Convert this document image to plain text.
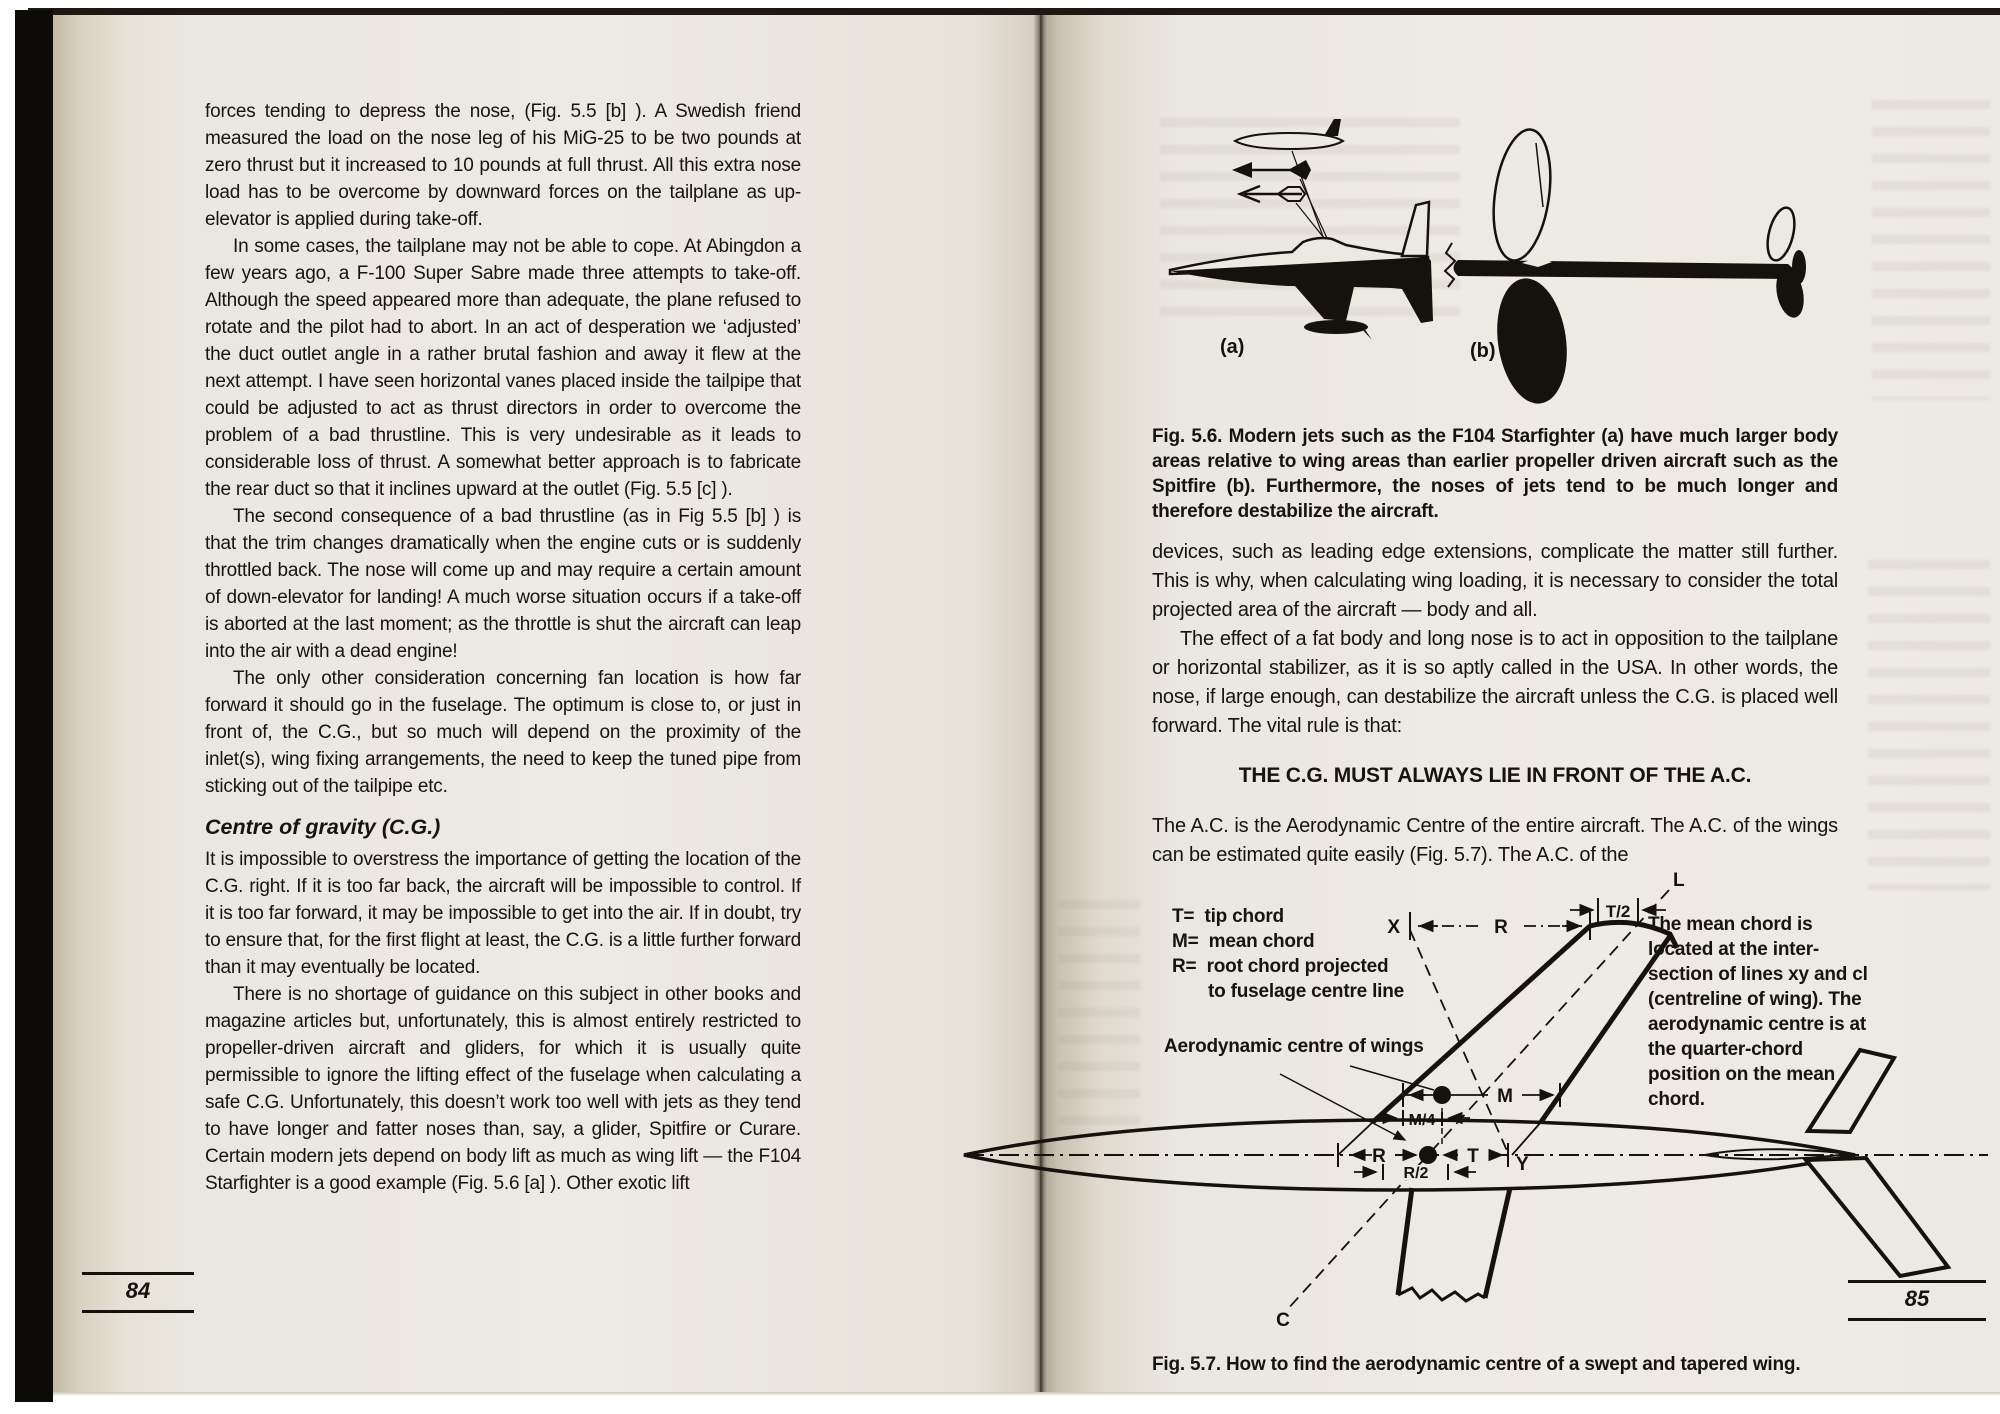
forces tending to depress the nose, (Fig. 5.5 [b] ). A Swedish friend measured the load on the nose leg of his MiG-25 to be two pounds at zero thrust but it increased to 10 pounds at full thrust. All this extra nose load has to be overcome by downward forces on the tailplane as up-elevator is applied during take-off.

In some cases, the tailplane may not be able to cope. At Abingdon a few years ago, a F-100 Super Sabre made three attempts to take-off. Although the speed appeared more than adequate, the plane refused to rotate and the pilot had to abort. In an act of desperation we ‘adjusted’ the duct outlet angle in a rather brutal fashion and away it flew at the next attempt. I have seen horizontal vanes placed inside the tailpipe that could be adjusted to act as thrust directors in order to overcome the problem of a bad thrustline. This is very undesirable as it leads to considerable loss of thrust. A somewhat better approach is to fabricate the rear duct so that it inclines upward at the outlet (Fig. 5.5 [c] ).

The second consequence of a bad thrustline (as in Fig 5.5 [b] ) is that the trim changes dramatically when the engine cuts or is suddenly throttled back. The nose will come up and may require a certain amount of down-elevator for landing! A much worse situation occurs if a take-off is aborted at the last moment; as the throttle is shut the aircraft can leap into the air with a dead engine!

The only other consideration concerning fan location is how far forward it should go in the fuselage. The optimum is close to, or just in front of, the C.G., but so much will depend on the proximity of the inlet(s), wing fixing arrangements, the need to keep the tuned pipe from sticking out of the tailpipe etc.

Centre of gravity (C.G.)

It is impossible to overstress the importance of getting the location of the C.G. right. If it is too far back, the aircraft will be impossible to control. If it is too far forward, it may be impossible to get into the air. If in doubt, try to ensure that, for the first flight at least, the C.G. is a little further forward than it may eventually be located.

There is no shortage of guidance on this subject in other books and magazine articles but, unfortunately, this is almost entirely restricted to propeller-driven aircraft and gliders, for which it is usually quite permissible to ignore the lifting effect of the fuselage when calculating a safe C.G. Unfortunately, this doesn’t work too well with jets as they tend to have longer and fatter noses than, say, a glider, Spitfire or Curare. Certain modern jets depend on body lift as much as wing lift — the F104 Starfighter is a good example (Fig. 5.6 [a] ). Other exotic lift

84
(a)	(b)

Fig. 5.6. Modern jets such as the F104 Starfighter (a) have much larger body areas relative to wing areas than earlier propeller driven aircraft such as the Spitfire (b). Furthermore, the noses of jets tend to be much longer and therefore destabilize the aircraft.

devices, such as leading edge extensions, complicate the matter still further. This is why, when calculating wing loading, it is necessary to consider the total projected area of the aircraft — body and all.

The effect of a fat body and long nose is to act in opposition to the tailplane or horizontal stabilizer, as it is so aptly called in the USA. In other words, the nose, if large enough, can destabilize the aircraft unless the C.G. is placed well forward. The vital rule is that:

THE C.G. MUST ALWAYS LIE IN FRONT OF THE A.C.

The A.C. is the Aerodynamic Centre of the entire aircraft. The A.C. of the wings can be estimated quite easily (Fig. 5.7). The A.C. of the

X	R
T/2
L
M
M/4
R
R/2
T Y
C
T=  tip chord
M=  mean chord
R=  root chord projected
to fuselage centre line
Aerodynamic centre of wings
The mean chord is located at the inter-section of lines xy and cl (centreline of wing). The aerodynamic centre is at the quarter-chord position on the mean chord.
Fig. 5.7. How to find the aerodynamic centre of a swept and tapered wing.
85
